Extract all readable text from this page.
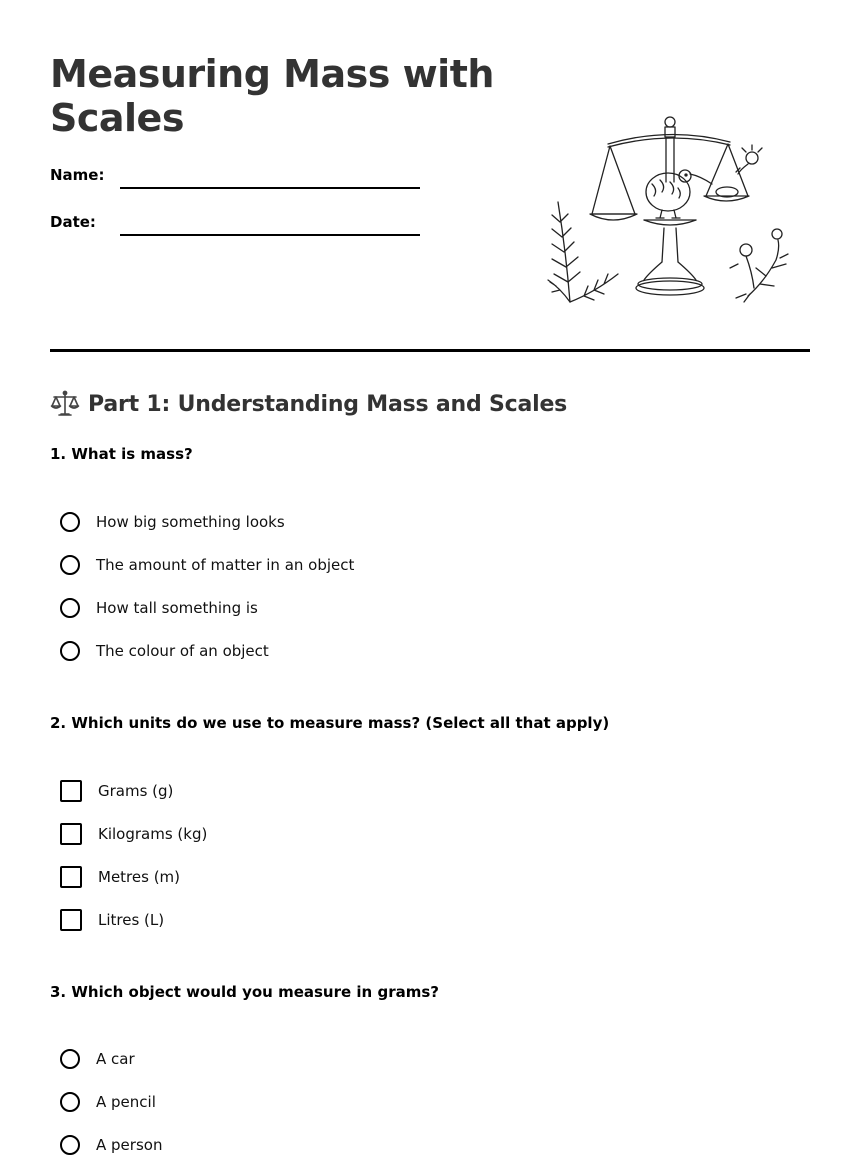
Measuring Mass with Scales
Name:
Date:
Part 1: Understanding Mass and Scales

1. What is mass?

How big something looks
The amount of matter in an object
How tall something is
The colour of an object

2. Which units do we use to measure mass? (Select all that apply)

Grams (g)
Kilograms (kg)
Metres (m)
Litres (L)

3. Which object would you measure in grams?

A car
A pencil
A person
